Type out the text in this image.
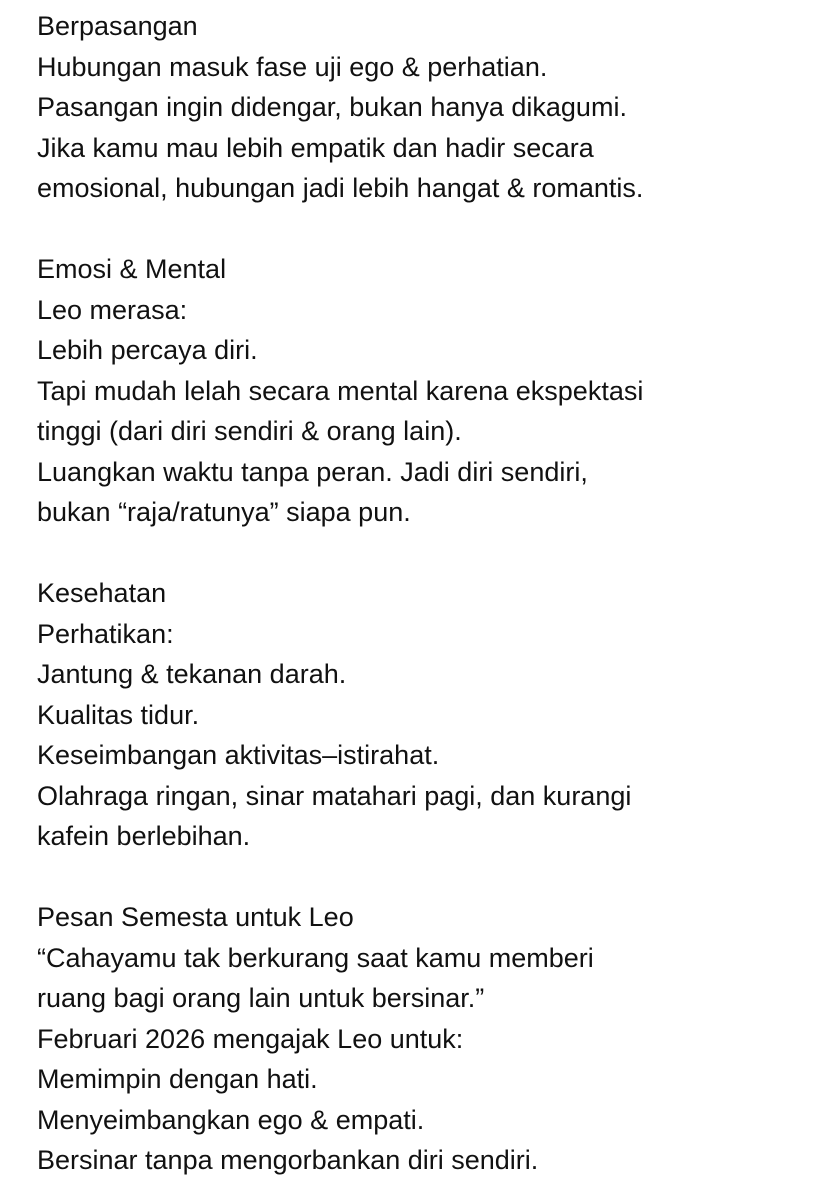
Berpasangan
Hubungan masuk fase uji ego & perhatian.
Pasangan ingin didengar, bukan hanya dikagumi.
Jika kamu mau lebih empatik dan hadir secara
emosional, hubungan jadi lebih hangat & romantis.
Emosi & Mental
Leo merasa:
Lebih percaya diri.
Tapi mudah lelah secara mental karena ekspektasi
tinggi (dari diri sendiri & orang lain).
Luangkan waktu tanpa peran. Jadi diri sendiri,
bukan “raja/ratunya” siapa pun.
Kesehatan
Perhatikan:
Jantung & tekanan darah.
Kualitas tidur.
Keseimbangan aktivitas–istirahat.
Olahraga ringan, sinar matahari pagi, dan kurangi
kafein berlebihan.
Pesan Semesta untuk Leo
“Cahayamu tak berkurang saat kamu memberi
ruang bagi orang lain untuk bersinar.”
Februari 2026 mengajak Leo untuk:
Memimpin dengan hati.
Menyeimbangkan ego & empati.
Bersinar tanpa mengorbankan diri sendiri.
